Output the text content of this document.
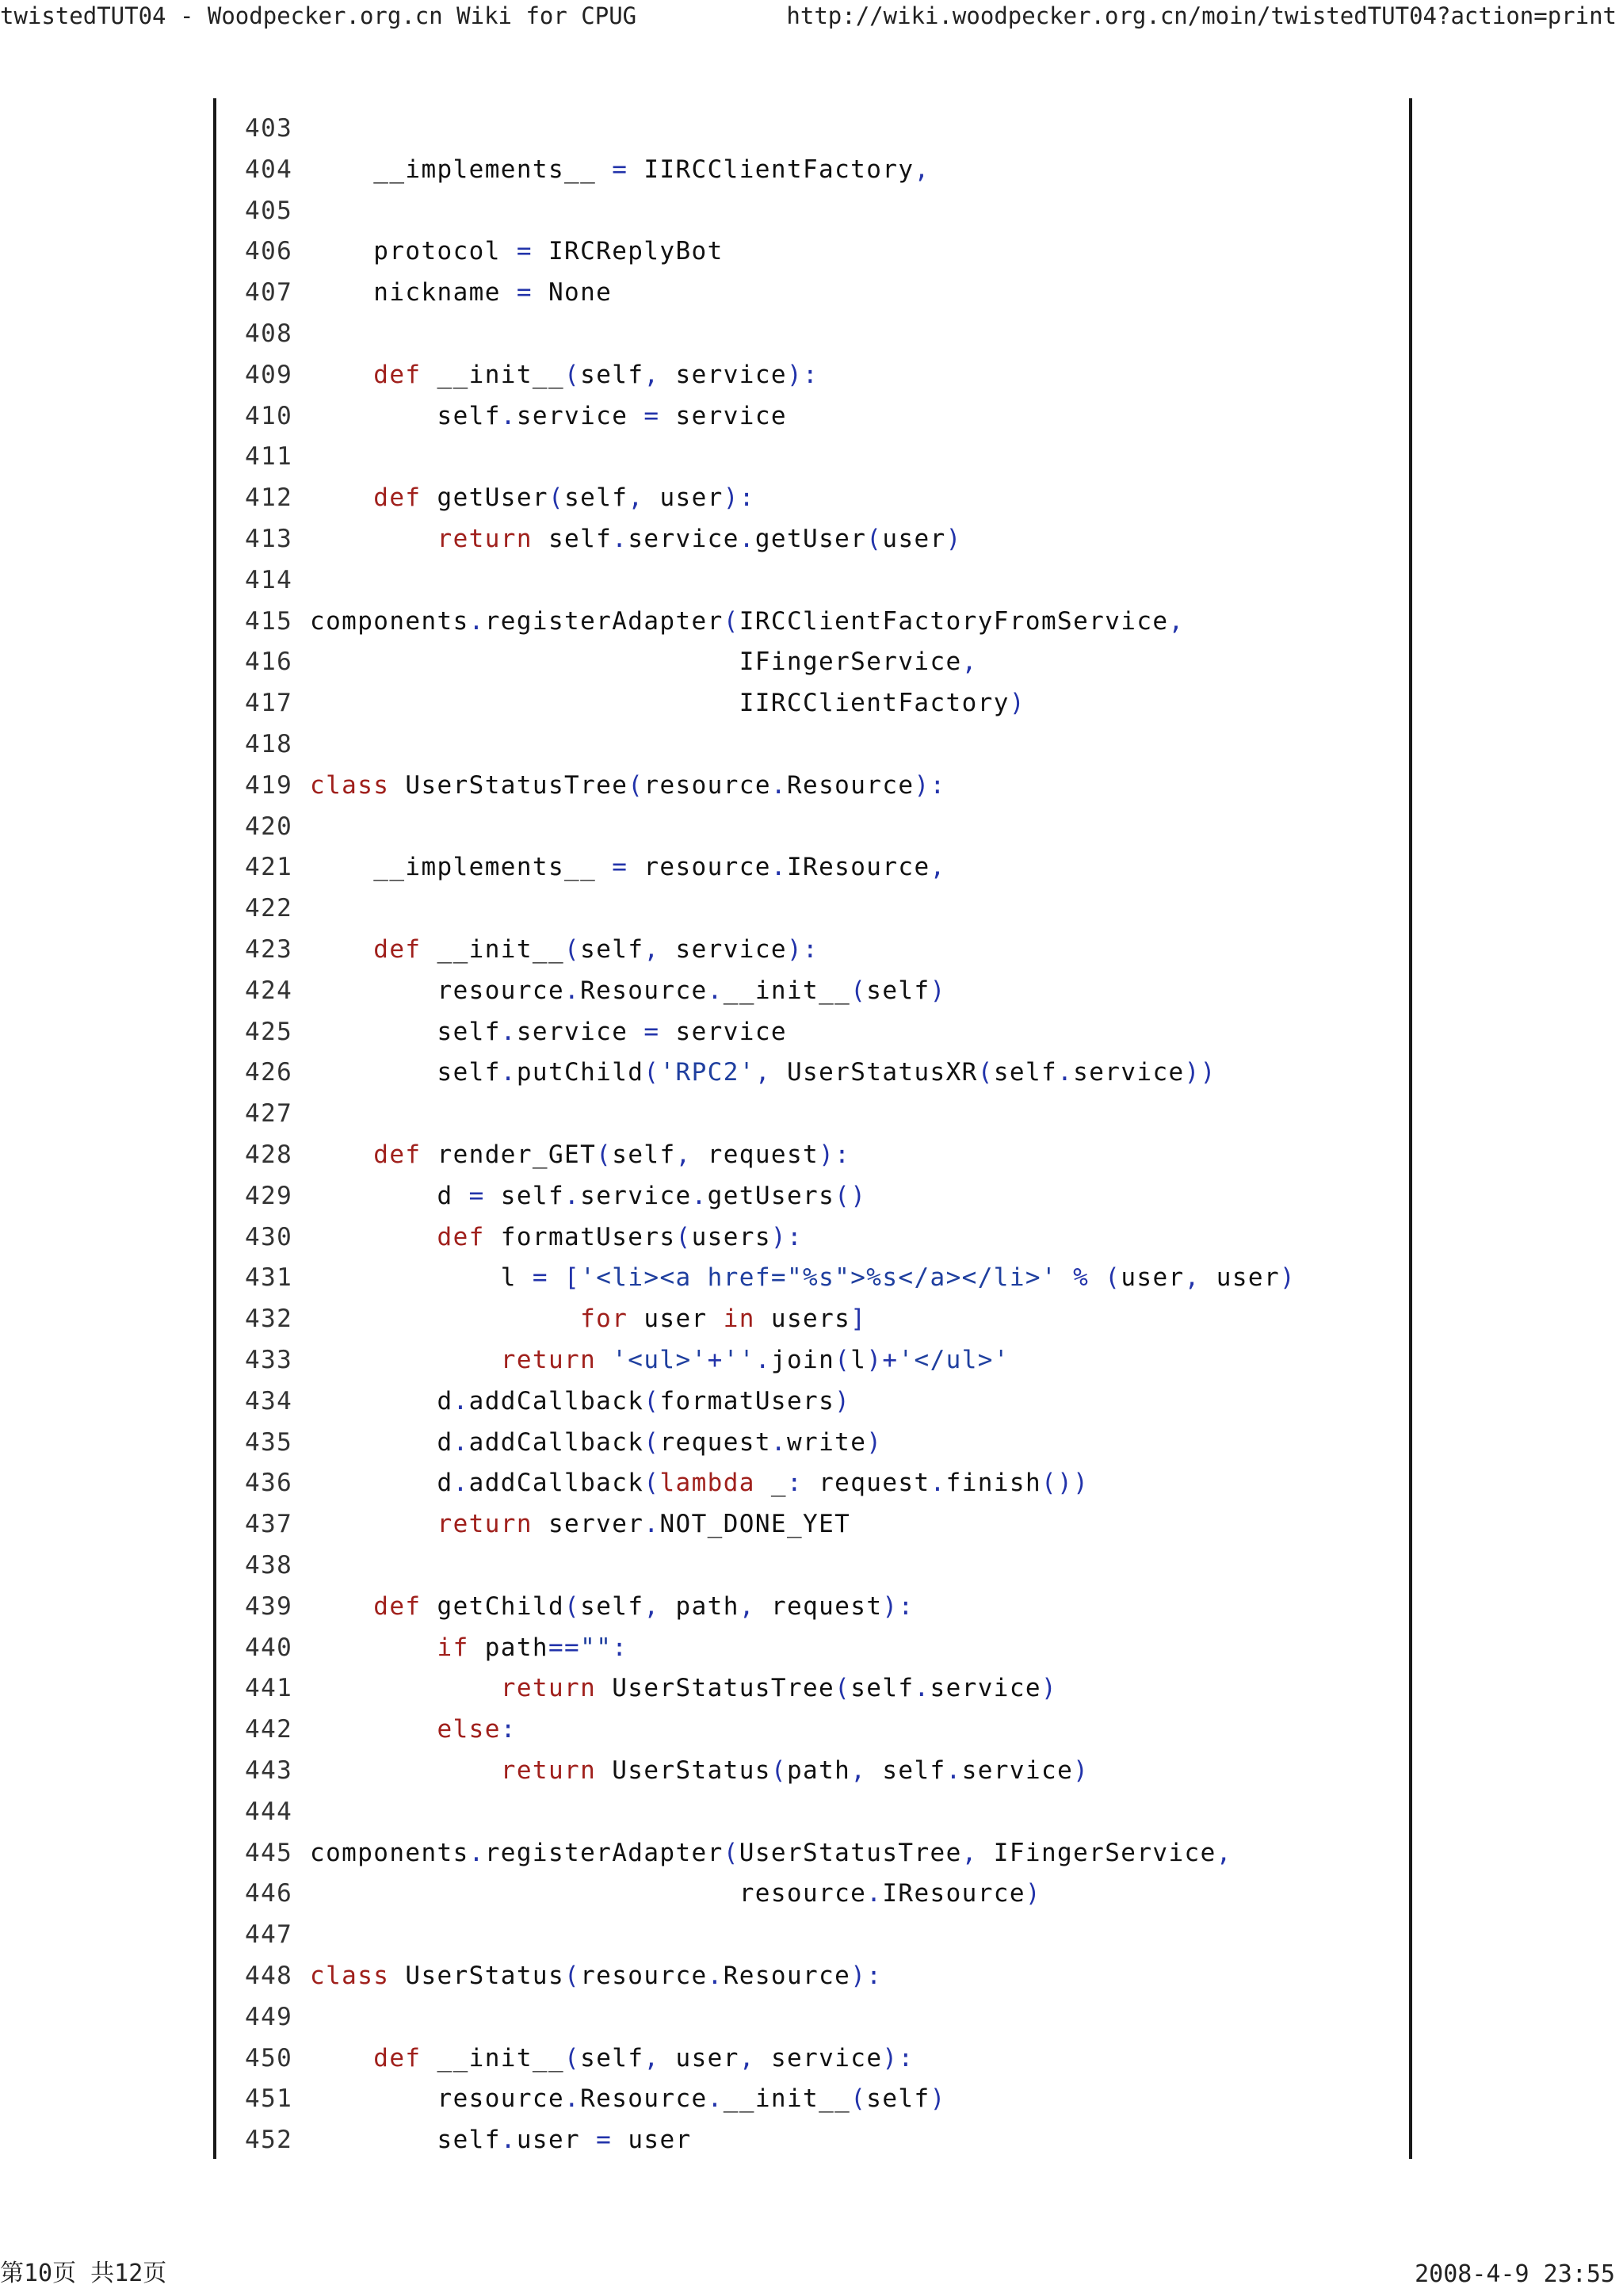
twistedTUT04 - Woodpecker.org.cn Wiki for CPUG	http://wiki.woodpecker.org.cn/moin/twistedTUT04?action=print
403
404    __implements__ = IIRCClientFactory,
405
406    protocol = IRCReplyBot
407    nickname = None
408
409	def __init__(self, service):
410        self.service = service
411
412	def getUser(self, user):
413	return self.service.getUser(user)
414
415 components.registerAdapter(IRCClientFactoryFromService,
416                           IFingerService,
417                           IIRCClientFactory)
418
419 class UserStatusTree(resource.Resource):
420
421    __implements__ = resource.IResource,
422
423	def __init__(self, service):
424        resource.Resource.__init__(self)
425        self.service = service
426        self.putChild('RPC2', UserStatusXR(self.service))
427
428	def render_GET(self, request):
429        d = self.service.getUsers()
430	def formatUsers(users):
431            l = ['<li><a href="%s">%s</a></li>' % (user, user)
432	for user in users]
433	return '<ul>'+''.join(l)+'</ul>'
434        d.addCallback(formatUsers)
435        d.addCallback(request.write)
436        d.addCallback(lambda _: request.finish())
437	return server.NOT_DONE_YET
438
439	def getChild(self, path, request):
440	if path=="":
441	return UserStatusTree(self.service)
442	else:
443	return UserStatus(path, self.service)
444
445 components.registerAdapter(UserStatusTree, IFingerService,
446                           resource.IResource)
447
448 class UserStatus(resource.Resource):
449
450	def __init__(self, user, service):
451        resource.Resource.__init__(self)
452        self.user = user
第10页 共12页	2008-4-9 23:55
